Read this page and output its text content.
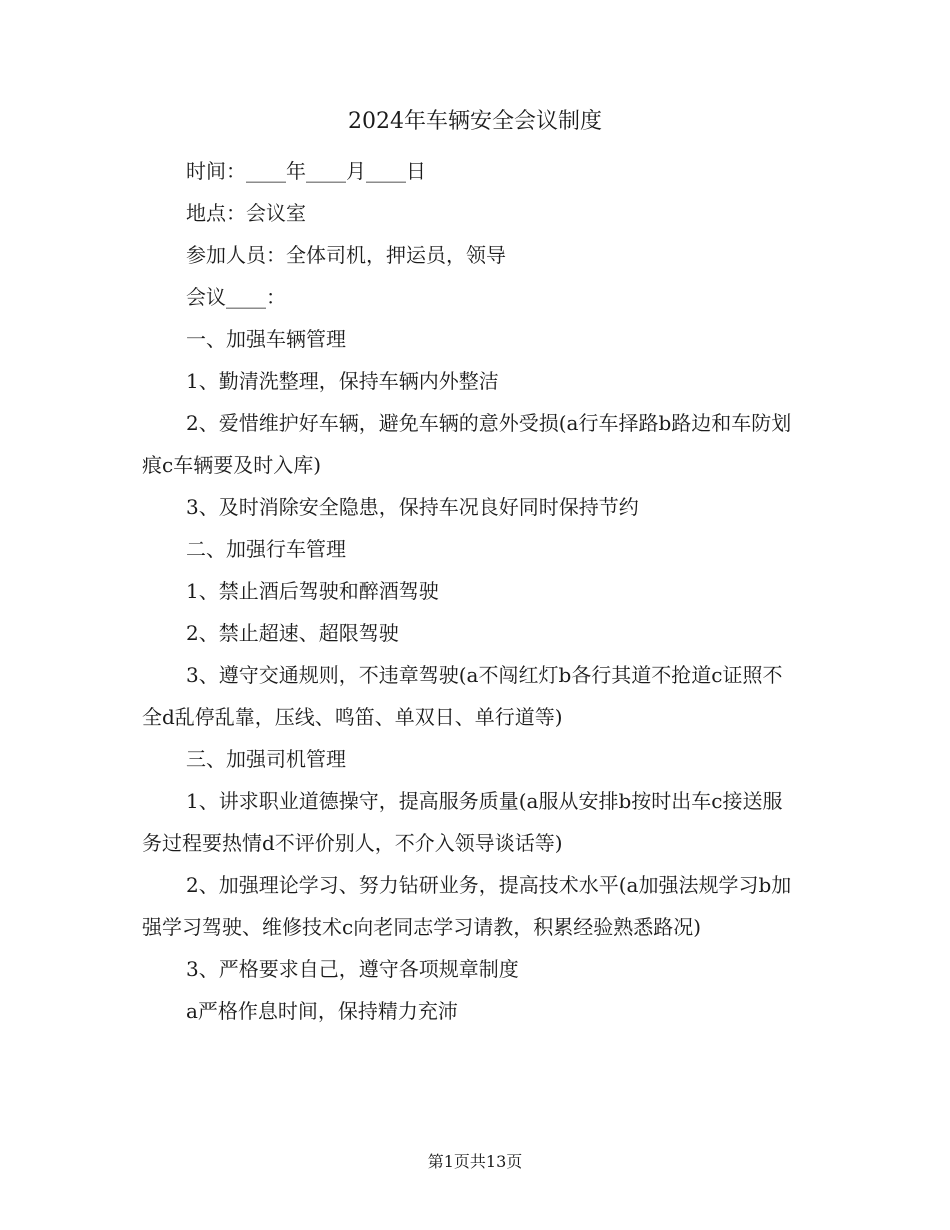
2024年车辆安全会议制度

时间：____年____月____日

地点：会议室

参加人员：全体司机，押运员，领导

会议____：

一、加强车辆管理

1、勤清洗整理，保持车辆内外整洁

2、爱惜维护好车辆，避免车辆的意外受损(a行车择路b路边和车防划痕c车辆要及时入库)

3、及时消除安全隐患，保持车况良好同时保持节约

二、加强行车管理

1、禁止酒后驾驶和醉酒驾驶

2、禁止超速、超限驾驶

3、遵守交通规则，不违章驾驶(a不闯红灯b各行其道不抢道c证照不全d乱停乱靠，压线、鸣笛、单双日、单行道等)

三、加强司机管理

1、讲求职业道德操守，提高服务质量(a服从安排b按时出车c接送服务过程要热情d不评价别人，不介入领导谈话等)

2、加强理论学习、努力钻研业务，提高技术水平(a加强法规学习b加强学习驾驶、维修技术c向老同志学习请教，积累经验熟悉路况)

3、严格要求自己，遵守各项规章制度

a严格作息时间，保持精力充沛

第1页共13页
